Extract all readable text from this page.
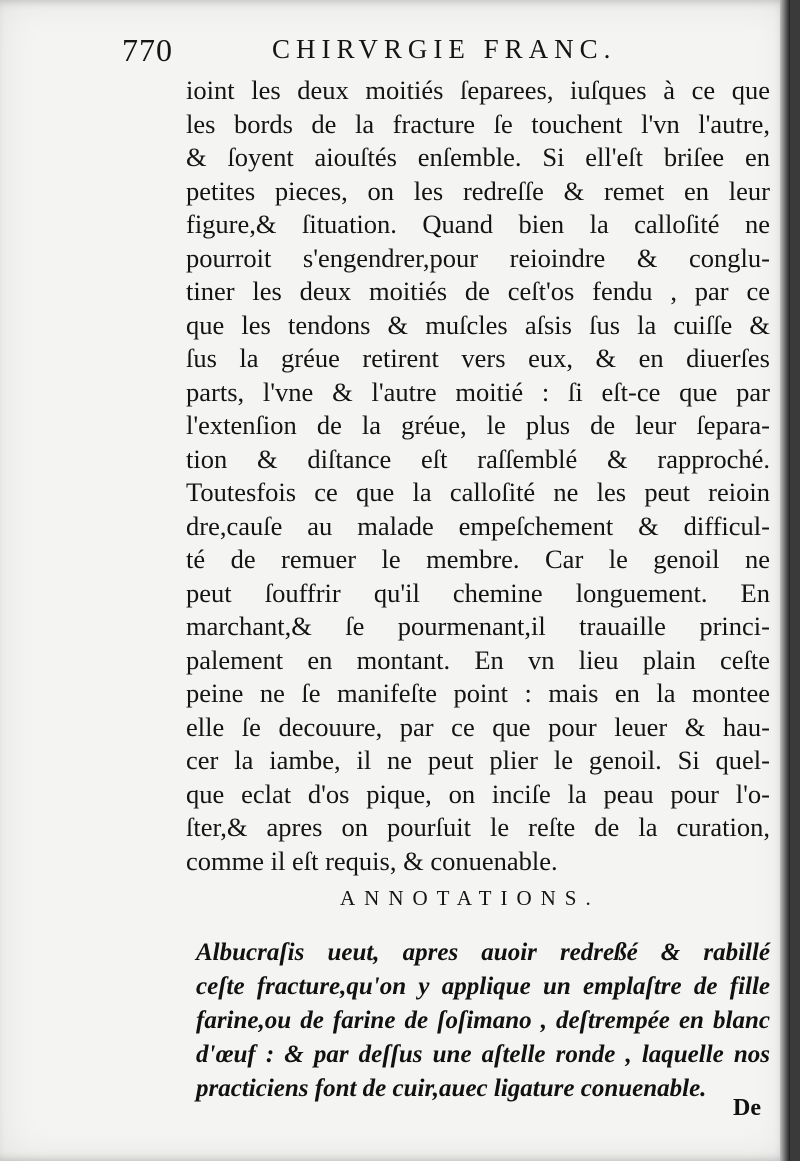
770	CHIRVRGIE FRANC.
ioint les deux moitiés ſeparees, iuſques à ce que
les bords de la fracture ſe touchent l'vn l'autre,
& ſoyent aiouſtés enſemble. Si ell'eſt briſee en
petites pieces, on les redreſſe & remet en leur
figure,& ſituation. Quand bien la calloſité ne
pourroit s'engendrer,pour reioindre & conglu-
tiner les deux moitiés de ceſt'os fendu , par ce
que les tendons & muſcles aſsis ſus la cuiſſe &
ſus la gréue retirent vers eux, & en diuerſes
parts, l'vne & l'autre moitié : ſi eſt-ce que par
l'extenſion de la gréue, le plus de leur ſepara-
tion & diſtance eſt raſſemblé & rapproché.
Toutesfois ce que la calloſité ne les peut reioin
dre,cauſe au malade empeſchement & difficul-
té de remuer le membre. Car le genoil ne
peut ſouffrir qu'il chemine longuement. En
marchant,& ſe pourmenant,il trauaille princi-
palement en montant. En vn lieu plain ceſte
peine ne ſe manifeſte point : mais en la montee
elle ſe decouure, par ce que pour leuer & hau-
cer la iambe, il ne peut plier le genoil. Si quel-
que eclat d'os pique, on inciſe la peau pour l'o-
ſter,& apres on pourſuit le reſte de la curation,
comme il eſt requis, & conuenable.
ANNOTATIONS.
Albucraſis ueut, apres auoir redreßé & rabillé
ceſte fracture,qu'on y applique un emplaſtre de fille
farine,ou de farine de ſoſimano , deſtrempée en blanc
d'œuf : & par deſſus une aſtelle ronde , laquelle nos
practiciens font de cuir,auec ligature conuenable.
De
